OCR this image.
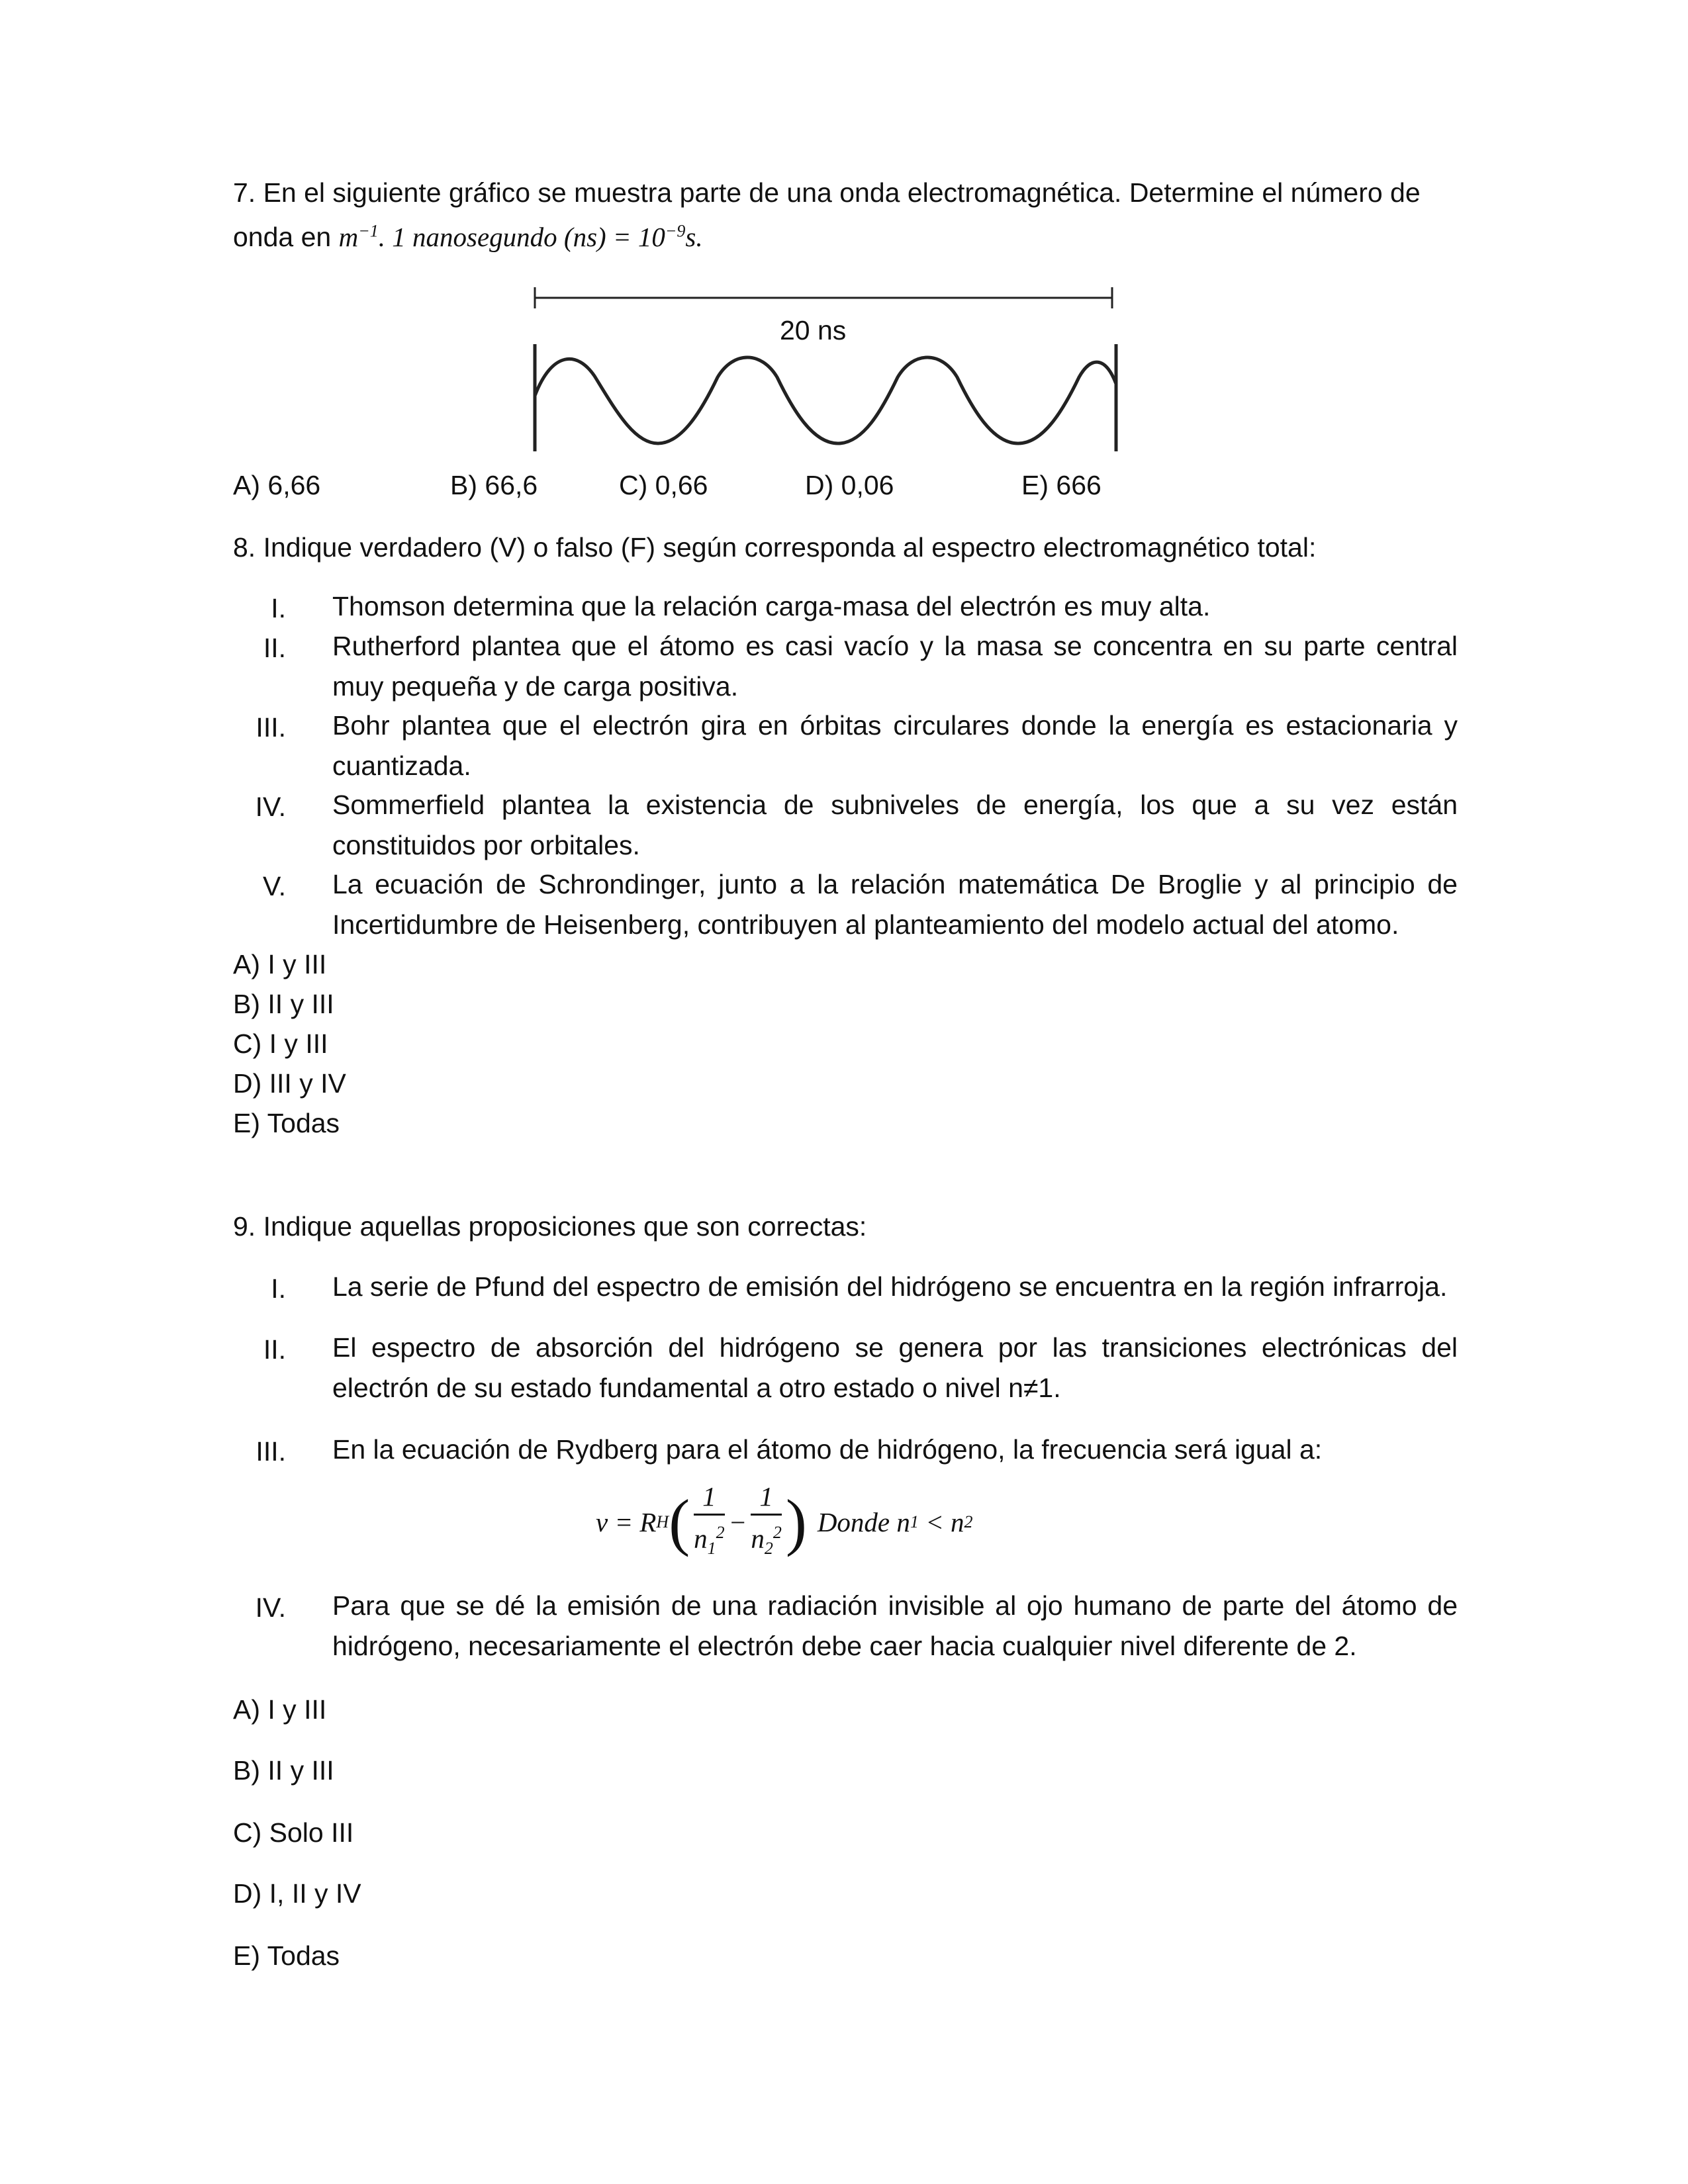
7. En el siguiente gráfico se muestra parte de una onda electromagnética. Determine el número de
onda en $m^{-1}$. 1 nanosegundo $(ns) = 10^{-9}s$.
20 ns
A) 6,66	B) 66,6	C) 0,66	D) 0,06	E) 666
8. Indique verdadero (V) o falso (F) según corresponda al espectro electromagnético total:
I. Thomson determina que la relación carga-masa del electrón es muy alta.
II. Rutherford plantea que el átomo es casi vacío y la masa se concentra en su parte central muy pequeña y de carga positiva.
III. Bohr plantea que el electrón gira en órbitas circulares donde la energía es estacionaria y cuantizada.
IV. Sommerfield plantea la existencia de subniveles de energía, los que a su vez están constituidos por orbitales.
V. La ecuación de Schrondinger, junto a la relación matemática De Broglie y al principio de Incertidumbre de Heisenberg, contribuyen al planteamiento del modelo actual del atomo.
A) I y III
B) II y III
C) I y III
D) III y IV
E) Todas
9. Indique aquellas proposiciones que son correctas:
I. La serie de Pfund del espectro de emisión del hidrógeno se encuentra en la región infrarroja.
II. El espectro de absorción del hidrógeno se genera por las transiciones electrónicas del electrón de su estado fundamental a otro estado o nivel n≠1.
III. En la ecuación de Rydberg para el átomo de hidrógeno, la frecuencia será igual a:
v = R H ( $\frac{1}{n_1^2} - \frac{1}{n_2^2}$ ) Donde n 1 < n 2
IV. Para que se dé la emisión de una radiación invisible al ojo humano de parte del átomo de hidrógeno, necesariamente el electrón debe caer hacia cualquier nivel diferente de 2.
A) I y III
B) II y III
C) Solo III
D) I, II y IV
E) Todas
